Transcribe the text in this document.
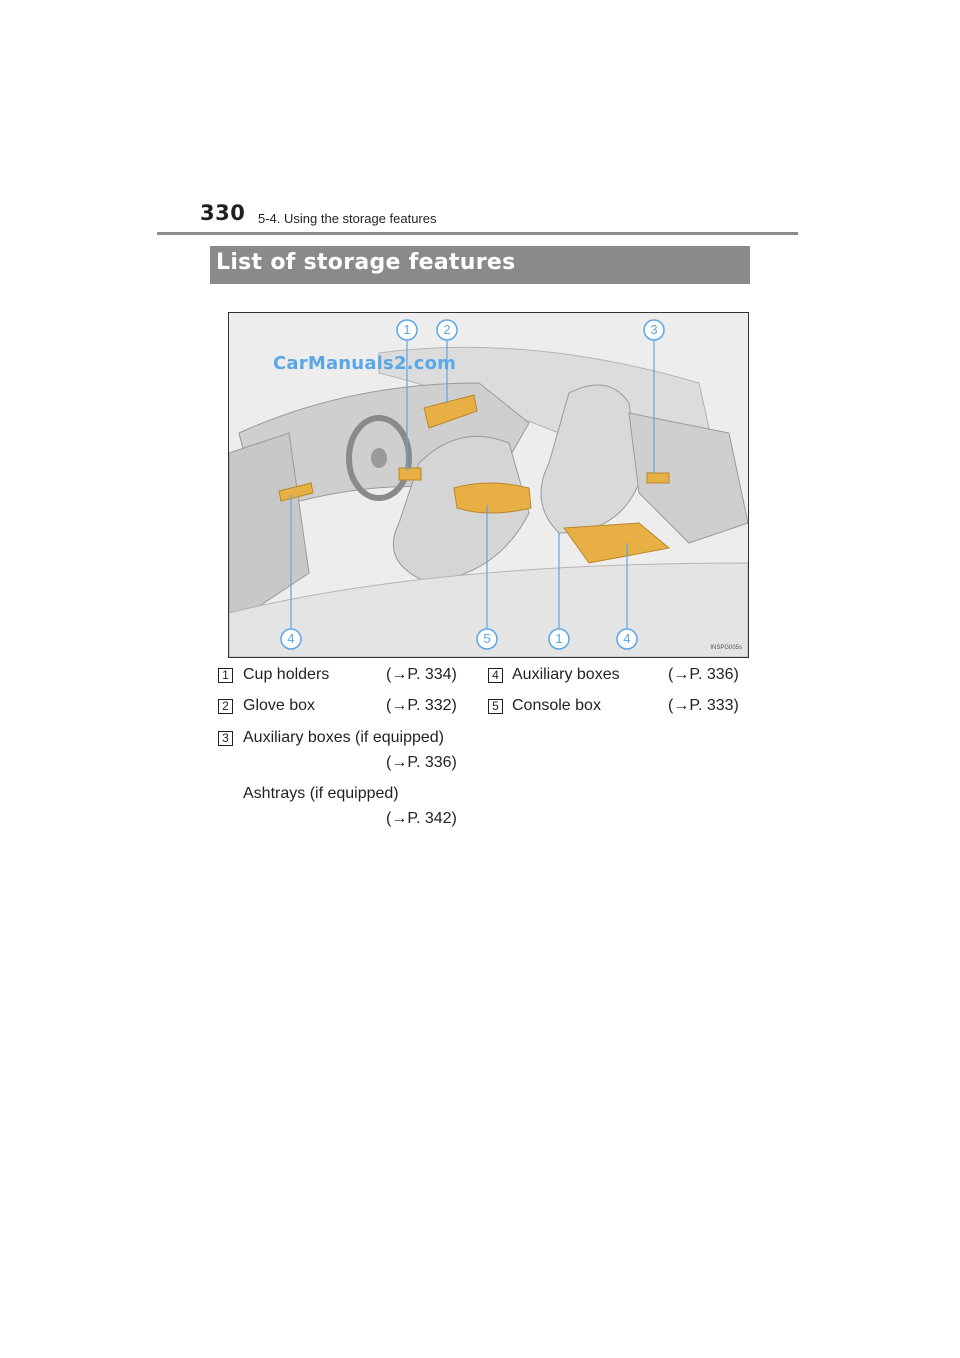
330 5-4. Using the storage features
List of storage features
1	2	3
4	5	1	4
CarManuals2.com
INSPG005s
1 Cup holders	(→P. 334)
2 Glove box	(→P. 332)
3 Auxiliary boxes (if equipped)
(→P. 336)
Ashtrays (if equipped)
(→P. 342)
4 Auxiliary boxes	(→P. 336)
5 Console box	(→P. 333)
